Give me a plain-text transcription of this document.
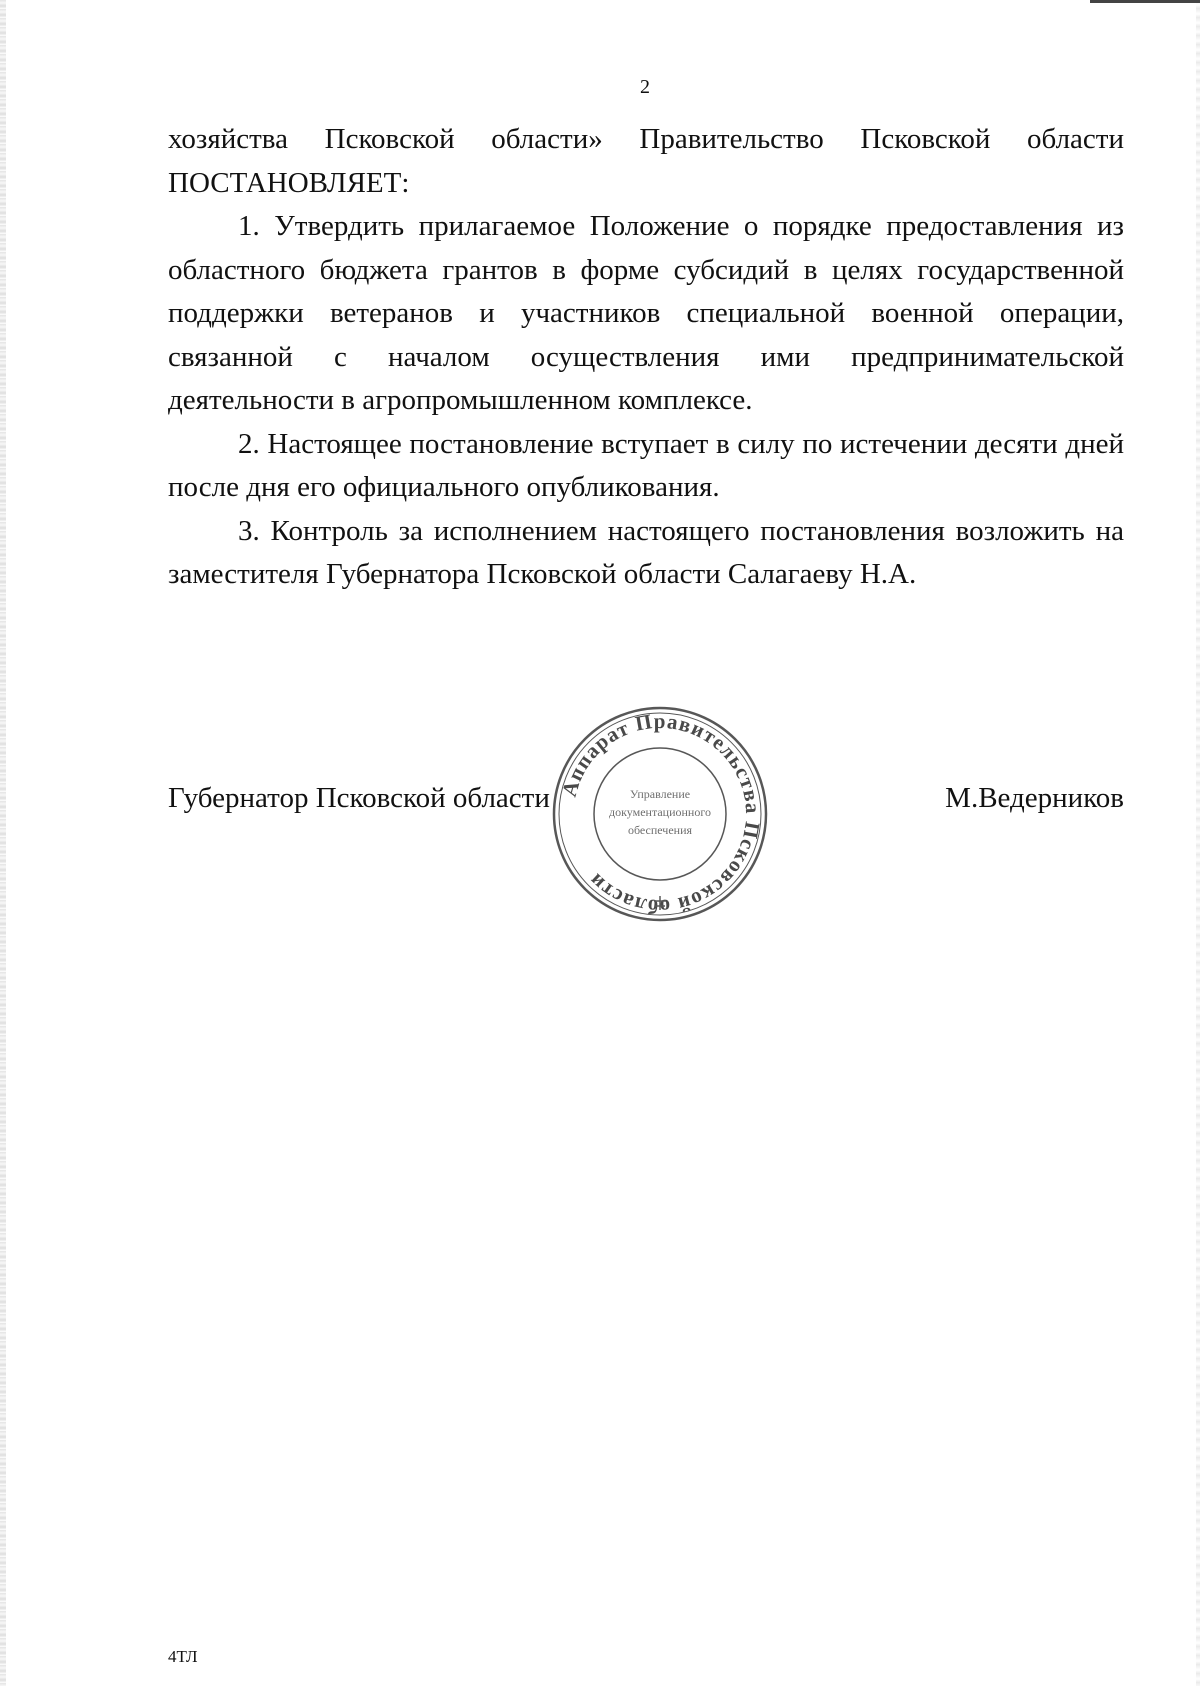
2

хозяйства Псковской области» Правительство Псковской области ПОСТАНОВЛЯЕТ:

1. Утвердить прилагаемое Положение о порядке предоставления из областного бюджета грантов в форме субсидий в целях государственной поддержки ветеранов и участников специальной военной операции, связанной с началом осуществления ими предпринимательской деятельности в агропромышленном комплексе.

2. Настоящее постановление вступает в силу по истечении десяти дней после дня его официального опубликования.

3. Контроль за исполнением настоящего постановления возложить на заместителя Губернатора Псковской области Салагаеву Н.А.

Губернатор Псковской области	М.Ведерников
Аппарат Правительства Псковской области
Управление
документационного
обеспечения
4ТЛ
